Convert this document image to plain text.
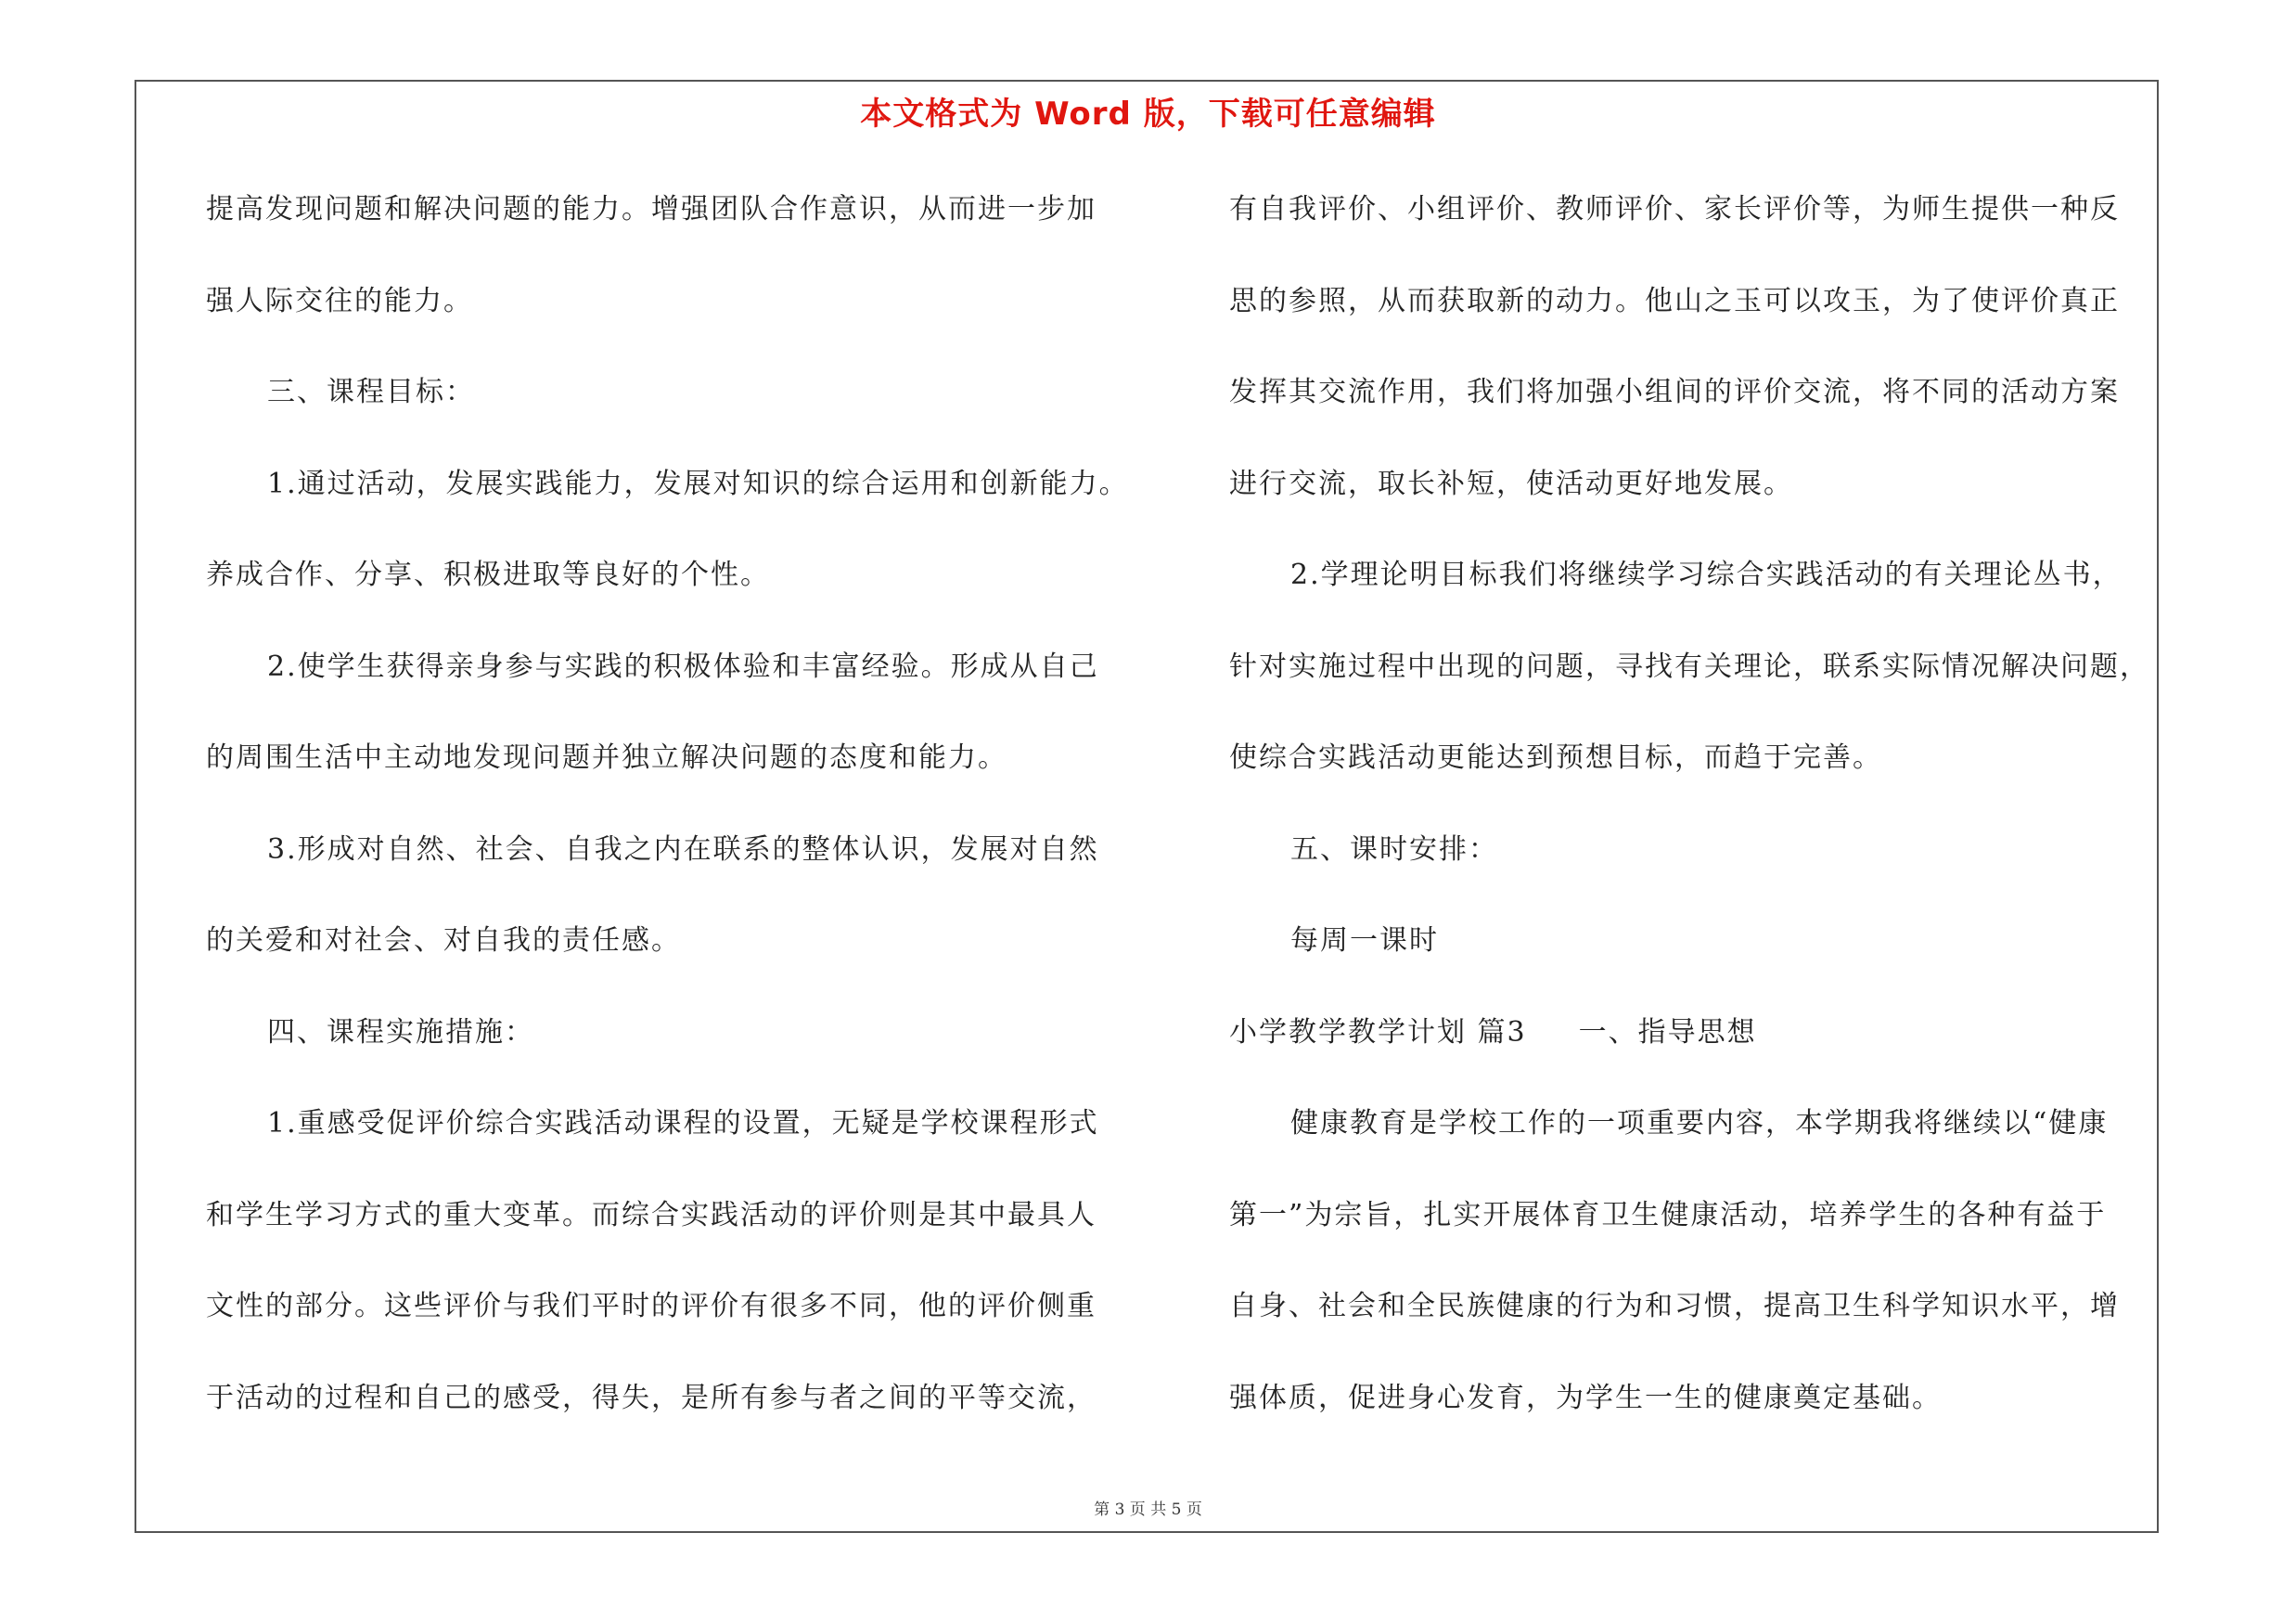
本文格式为 Word 版，下载可任意编辑
提高发现问题和解决问题的能力。增强团队合作意识，从而进一步加
强人际交往的能力。
三、课程目标：
1.通过活动，发展实践能力，发展对知识的综合运用和创新能力。
养成合作、分享、积极进取等良好的个性。
2.使学生获得亲身参与实践的积极体验和丰富经验。形成从自己
的周围生活中主动地发现问题并独立解决问题的态度和能力。
3.形成对自然、社会、自我之内在联系的整体认识，发展对自然
的关爱和对社会、对自我的责任感。
四、课程实施措施：
1.重感受促评价综合实践活动课程的设置，无疑是学校课程形式
和学生学习方式的重大变革。而综合实践活动的评价则是其中最具人
文性的部分。这些评价与我们平时的评价有很多不同，他的评价侧重
于活动的过程和自己的感受，得失，是所有参与者之间的平等交流，
有自我评价、小组评价、教师评价、家长评价等，为师生提供一种反
思的参照，从而获取新的动力。他山之玉可以攻玉，为了使评价真正
发挥其交流作用，我们将加强小组间的评价交流，将不同的活动方案
进行交流，取长补短，使活动更好地发展。
2.学理论明目标我们将继续学习综合实践活动的有关理论丛书，
针对实施过程中出现的问题，寻找有关理论，联系实际情况解决问题，
使综合实践活动更能达到预想目标，而趋于完善。
五、课时安排：
每周一课时
小学教学教学计划 篇3 一、指导思想
健康教育是学校工作的一项重要内容，本学期我将继续以“健康
第一”为宗旨，扎实开展体育卫生健康活动，培养学生的各种有益于
自身、社会和全民族健康的行为和习惯，提高卫生科学知识水平，增
强体质，促进身心发育，为学生一生的健康奠定基础。
第 3 页 共 5 页
